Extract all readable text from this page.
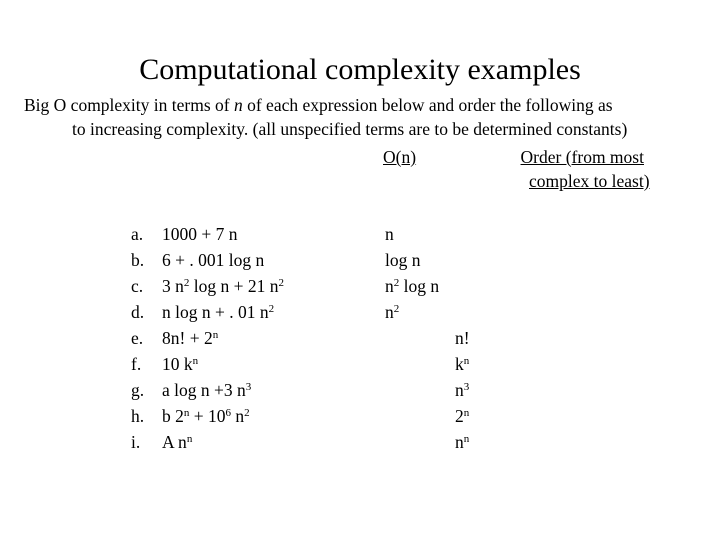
Computational complexity examples
Big O complexity in terms of n of each expression below and order the following as
to increasing complexity. (all unspecified terms are to be determined constants)
O(n)	Order (from most
complex to least)
a. 1000 + 7 n	n
b. 6 + . 001 log n	log n
c. 3 $n^2$ log n + 21 $n^2$	$n^2$ log n
d. n log n + . 01 $n^2$	$n^2$
e. 8n! + $2^n$	n!
f. 10 $k^n$	$k^n$
g. a log n +3 $n^3$	$n^3$
h. b $2^n + 10^6$ $n^2$	2$^n$
i. A $n^n$	$n^n$
